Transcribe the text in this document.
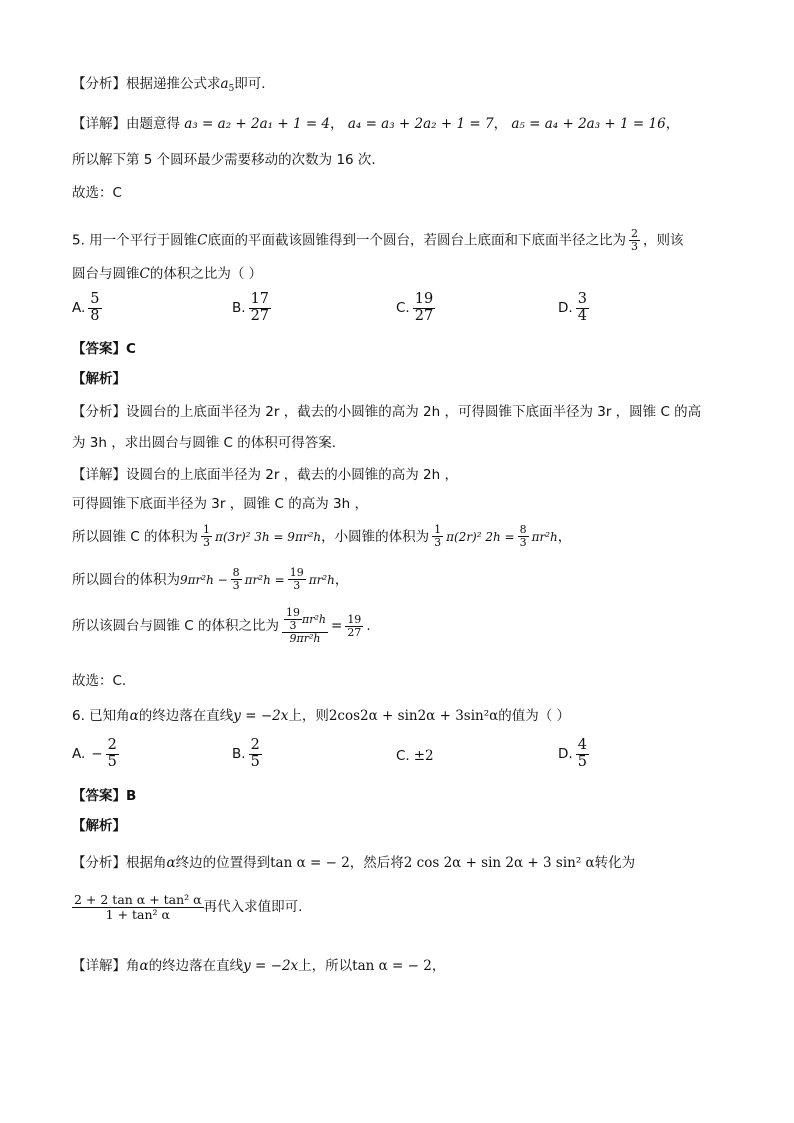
【分析】根据递推公式求$a_5$即可.
【详解】由题意得 a₃ = a₂ + 2a₁ + 1 = 4， a₄ = a₃ + 2a₂ + 1 = 7， a₅ = a₄ + 2a₃ + 1 = 16，
所以解下第 5 个圆环最少需要移动的次数为 16 次.
故选：C
5. 用一个平行于圆锥C底面的平面截该圆锥得到一个圆台，若圆台上底面和下底面半径之比为 $\frac{2}{3}$ ，则该
圆台与圆锥C的体积之比为（ ）
A. $\frac{5}{8}$	B. $\frac{17}{27}$	C. $\frac{19}{27}$	D. $\frac{3}{4}$
【答案】C
【解析】
【分析】设圆台的上底面半径为 2r ，截去的小圆锥的高为 2h ，可得圆锥下底面半径为 3r ，圆锥 C 的高
为 3h ，求出圆台与圆锥 C 的体积可得答案.
【详解】设圆台的上底面半径为 2r ，截去的小圆锥的高为 2h ，
可得圆锥下底面半径为 3r ，圆锥 C 的高为 3h ，
所以圆锥 C 的体积为 $\frac{1}{3} \pi(3r)^2$ 3h = 9πr²h ，小圆锥的体积为 $\frac{1}{3} \pi(2r)^2$ $2h = \frac{8}{3} \pi r^2h$ ，
所以圆台的体积为 $9\pi r^2h - \frac{8}{3} \pi r^2h = \frac{19}{3} \pi r^2h$ ，
所以该圆台与圆锥 C 的体积之比为 $\frac{\frac{19}{3} \pi r^2h}{\text{9πr²h}} = \frac{19}{27}$ .
故选：C.
6. 已知角α的终边落在直线y = −2x上，则2cos2α + sin2α + 3sin²α的值为（ ）
A. − $\frac{2}{5}$	B. $\frac{2}{5}$	C. ±2	D. $\frac{4}{5}$
【答案】B
【解析】
【分析】根据角α终边的位置得到tan α = − 2，然后将2 cos 2α + sin 2α + 3 sin² α转化为
$\frac{\text{2 + 2 tan α + tan² α}}{\text{1 + tan² α}}$ 再代入求值即可.
【详解】角α的终边落在直线y = −2x上，所以tan α = − 2，
